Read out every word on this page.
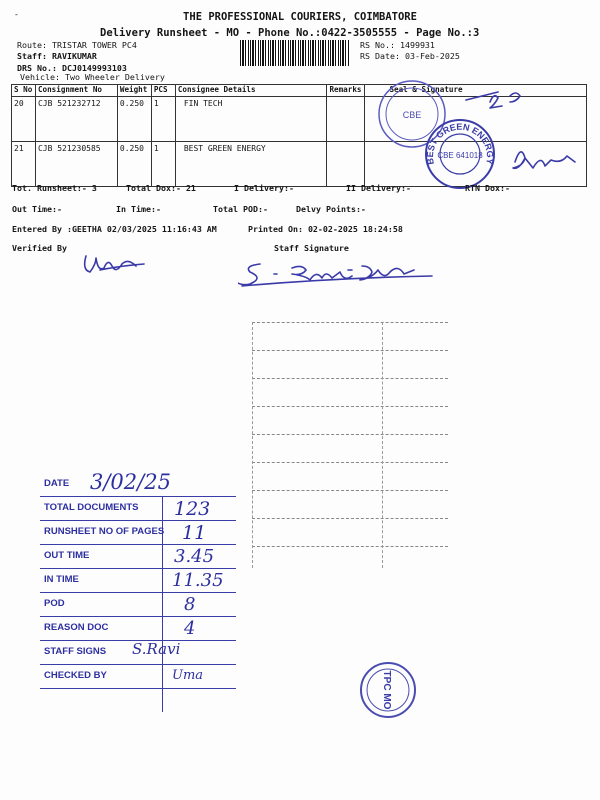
-	THE PROFESSIONAL COURIERS, COIMBATORE
Delivery Runsheet - MO - Phone No.:0422-3505555 - Page No.:3
Route: TRISTAR TOWER PC4
Staff: RAVIKUMAR
DRS No.: DCJ0149993103
Vehicle: Two Wheeler Delivery
RS No.: 1499931
RS Date: 03-Feb-2025
S No	Consignment No	Weight	PCS	Consignee Details	Remarks	Seal & Signature
20	CJB 521232712	0.250	1	FIN TECH		
21	CJB 521230585	0.250	1	BEST GREEN ENERGY		
CBE
BEST GREEN ENERGY
CBE 641018
Tot. Runsheet:- 3	Total Dox:- 21	I Delivery:-	II Delivery:-	RTN Dox:-
Out Time:-	In Time:-	Total POD:-	Delvy Points:-
Entered By :GEETHA 02/03/2025 11:16:43 AM	Printed On: 02-02-2025 18:24:58
Verified By	Staff Signature
DATE 3/02/25
TOTAL DOCUMENTS 123
RUNSHEET NO OF PAGES 11
OUT TIME	3.45
IN TIME	11.35
POD	8
REASON DOC	4
STAFF SIGNS S.Ravi
CHECKED BY	Uma	TPC MO
